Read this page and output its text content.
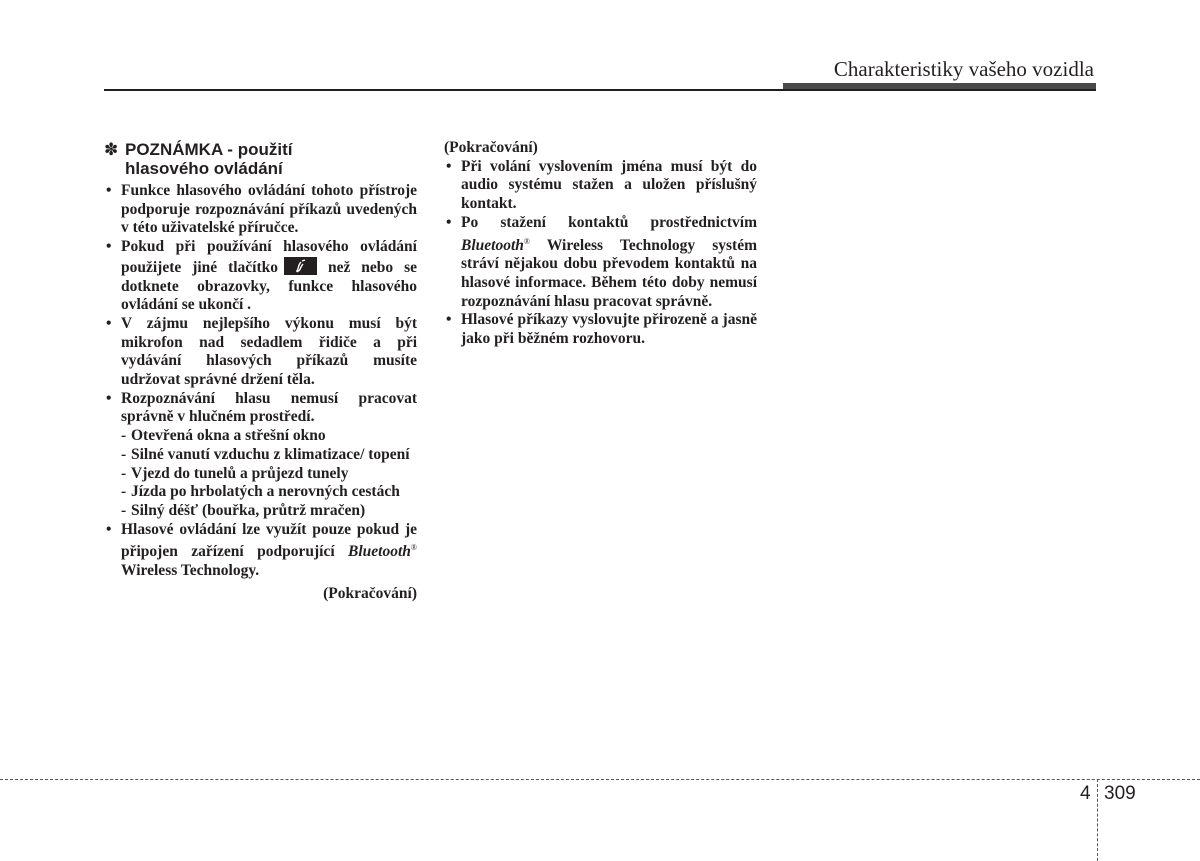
Charakteristiky vašeho vozidla
✽ POZNÁMKA - použití
hlasového ovládání
• Funkce hlasového ovládání tohoto přístroje podporuje rozpoznávání příkazů uvedených v této uživatelské příručce.
• Pokud při používání hlasového ovládání použijete jiné tlačítko	než nebo se dotknete obrazovky, funkce hlasového ovládání se ukončí .
• V zájmu nejlepšího výkonu musí být mikrofon nad sedadlem řidiče a při vydávání hlasových příkazů musíte udržovat správné držení těla.
• Rozpoznávání hlasu nemusí pracovat správně v hlučném prostředí.
- Otevřená okna a střešní okno
- Silné vanutí vzduchu z klimatizace/ topení
- Vjezd do tunelů a průjezd tunely
- Jízda po hrbolatých a nerovných cestách
- Silný déšť (bouřka, průtrž mračen)
• Hlasové ovládání lze využít pouze pokud je připojen zařízení podporující Bluetooth® Wireless Technology.
(Pokračování)
(Pokračování)
• Při volání vyslovením jména musí být do audio systému stažen a uložen příslušný kontakt.
• Po stažení kontaktů prostřednictvím Bluetooth® Wireless Technology systém stráví nějakou dobu převodem kontaktů na hlasové informace. Během této doby nemusí rozpoznávání hlasu pracovat správně.
• Hlasové příkazy vyslovujte přirozeně a jasně jako při běžném rozhovoru.
4 309
